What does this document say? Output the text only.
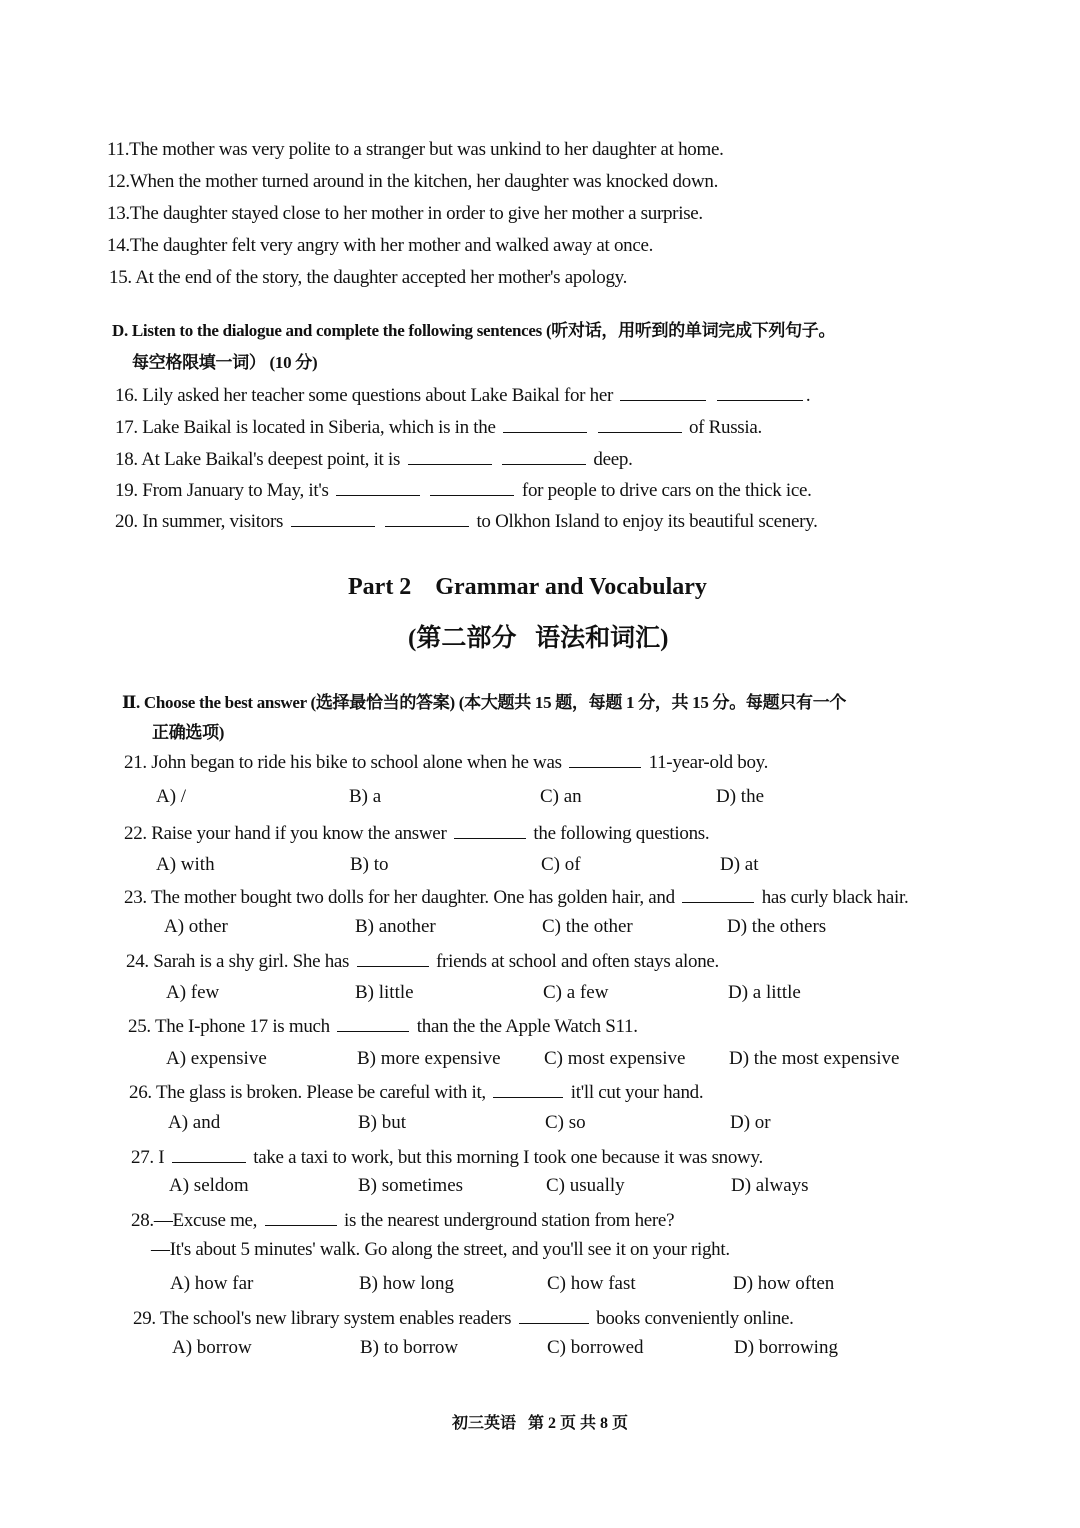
11.The mother was very polite to a stranger but was unkind to her daughter at home.
12.When the mother turned around in the kitchen, her daughter was knocked down.
13.The daughter stayed close to her mother in order to give her mother a surprise.
14.The daughter felt very angry with her mother and walked away at once.
15. At the end of the story, the daughter accepted her mother's apology.
D. Listen to the dialogue and complete the following sentences (听对话，用听到的单词完成下列句子。
每空格限填一词） (10 分)
16. Lily asked her teacher some questions about Lake Baikal for her	.
17. Lake Baikal is located in Siberia, which is in the	of Russia.
18. At Lake Baikal's deepest point, it is	deep.
19. From January to May, it's	for people to drive cars on the thick ice.
20. In summer, visitors	to Olkhon Island to enjoy its beautiful scenery.
Part 2    Grammar and Vocabulary
(第二部分   语法和词汇)
Ⅱ. Choose the best answer (选择最恰当的答案) (本大题共 15 题，每题 1 分，共 15 分。每题只有一个
正确选项)
21. John began to ride his bike to school alone when he was	11-year-old boy.
A) /	B) a	C) an	D) the
22. Raise your hand if you know the answer	the following questions.
A) with	B) to	C) of	D) at
23. The mother bought two dolls for her daughter. One has golden hair, and	has curly black hair.
A) other	B) another	C) the other	D) the others
24. Sarah is a shy girl. She has	friends at school and often stays alone.
A) few	B) little	C) a few	D) a little
25. The I-phone 17 is much	than the the Apple Watch S11.
A) expensive	B) more expensive C) most expensive D) the most expensive
26. The glass is broken. Please be careful with it,	it'll cut your hand.
A) and	B) but	C) so	D) or
27. I	take a taxi to work, but this morning I took one because it was snowy.
A) seldom	B) sometimes	C) usually	D) always
28.—Excuse me,	is the nearest underground station from here?
—It's about 5 minutes' walk. Go along the street, and you'll see it on your right.
A) how far	B) how long	C) how fast	D) how often
29. The school's new library system enables readers	books conveniently online.
A) borrow	B) to borrow	C) borrowed	D) borrowing
初三英语   第 2 页 共 8 页
